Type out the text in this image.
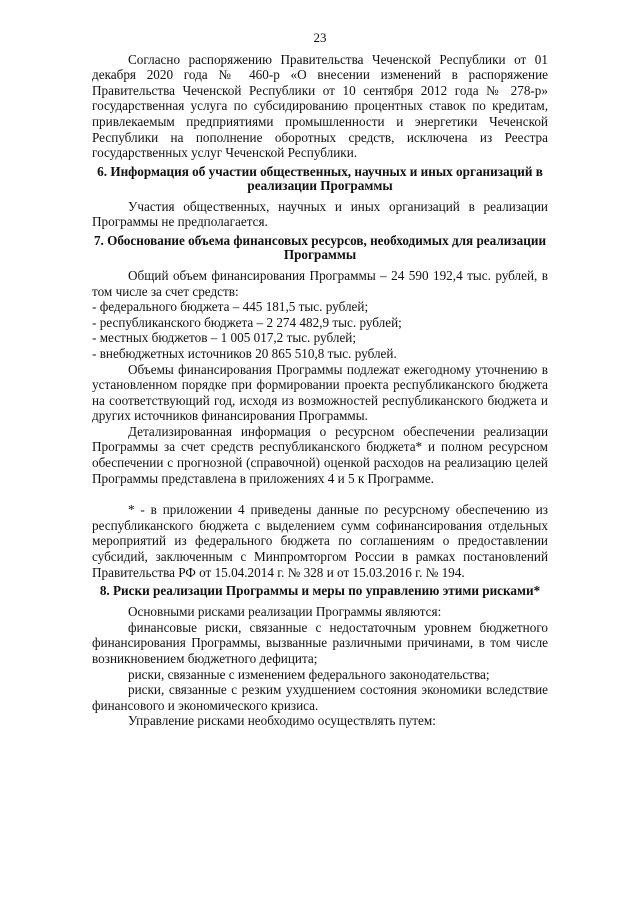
23

Согласно распоряжению Правительства Чеченской Республики от 01 декабря 2020 года № 460-р «О внесении изменений в распоряжение Правительства Чеченской Республики от 10 сентября 2012 года № 278-р» государственная услуга по субсидированию процентных ставок по кредитам, привлекаемым предприятиями промышленности и энергетики Чеченской Республики на пополнение оборотных средств, исключена из Реестра государственных услуг Чеченской Республики.

6. Информация об участии общественных, научных и иных организаций в реализации Программы

Участия общественных, научных и иных организаций в реализации Программы не предполагается.

7. Обоснование объема финансовых ресурсов, необходимых для реализации Программы

Общий объем финансирования Программы – 24 590 192,4 тыс. рублей, в том числе за счет средств:

- федерального бюджета – 445 181,5 тыс. рублей;

- республиканского бюджета – 2 274 482,9 тыс. рублей;

- местных бюджетов – 1 005 017,2 тыс. рублей;

- внебюджетных источников 20 865 510,8 тыс. рублей.

Объемы финансирования Программы подлежат ежегодному уточнению в установленном порядке при формировании проекта республиканского бюджета на соответствующий год, исходя из возможностей республиканского бюджета и других источников финансирования Программы.

Детализированная информация о ресурсном обеспечении реализации Программы за счет средств республиканского бюджета* и полном ресурсном обеспечении с прогнозной (справочной) оценкой расходов на реализацию целей Программы представлена в приложениях 4 и 5 к Программе.

* - в приложении 4 приведены данные по ресурсному обеспечению из республиканского бюджета с выделением сумм софинансирования отдельных мероприятий из федерального бюджета по соглашениям о предоставлении субсидий, заключенным с Минпромторгом России в рамках постановлений Правительства РФ от 15.04.2014 г. № 328 и от 15.03.2016 г. № 194.

8. Риски реализации Программы и меры по управлению этими рисками*

Основными рисками реализации Программы являются:

финансовые риски, связанные с недостаточным уровнем бюджетного финансирования Программы, вызванные различными причинами, в том числе возникновением бюджетного дефицита;

риски, связанные с изменением федерального законодательства;

риски, связанные с резким ухудшением состояния экономики вследствие финансового и экономического кризиса.

Управление рисками необходимо осуществлять путем:
